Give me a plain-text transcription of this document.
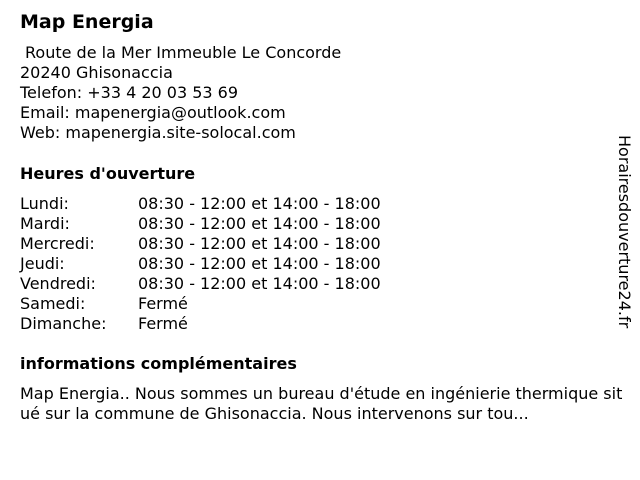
Map Energia
Route de la Mer Immeuble Le Concorde
20240 Ghisonaccia
Telefon: +33 4 20 03 53 69
Email: mapenergia@outlook.com
Web: mapenergia.site-solocal.com
Heures d'ouverture
Lundi:	08:30 - 12:00 et 14:00 - 18:00
Mardi:	08:30 - 12:00 et 14:00 - 18:00
Mercredi:	08:30 - 12:00 et 14:00 - 18:00
Jeudi:	08:30 - 12:00 et 14:00 - 18:00
Vendredi:	08:30 - 12:00 et 14:00 - 18:00
Samedi:	Fermé
Dimanche:	Fermé
informations complémentaires
Map Energia.. Nous sommes un bureau d'étude en ingénierie thermique situé sur la commune de Ghisonaccia. Nous intervenons sur tou...
Horairesdouverture24.fr
